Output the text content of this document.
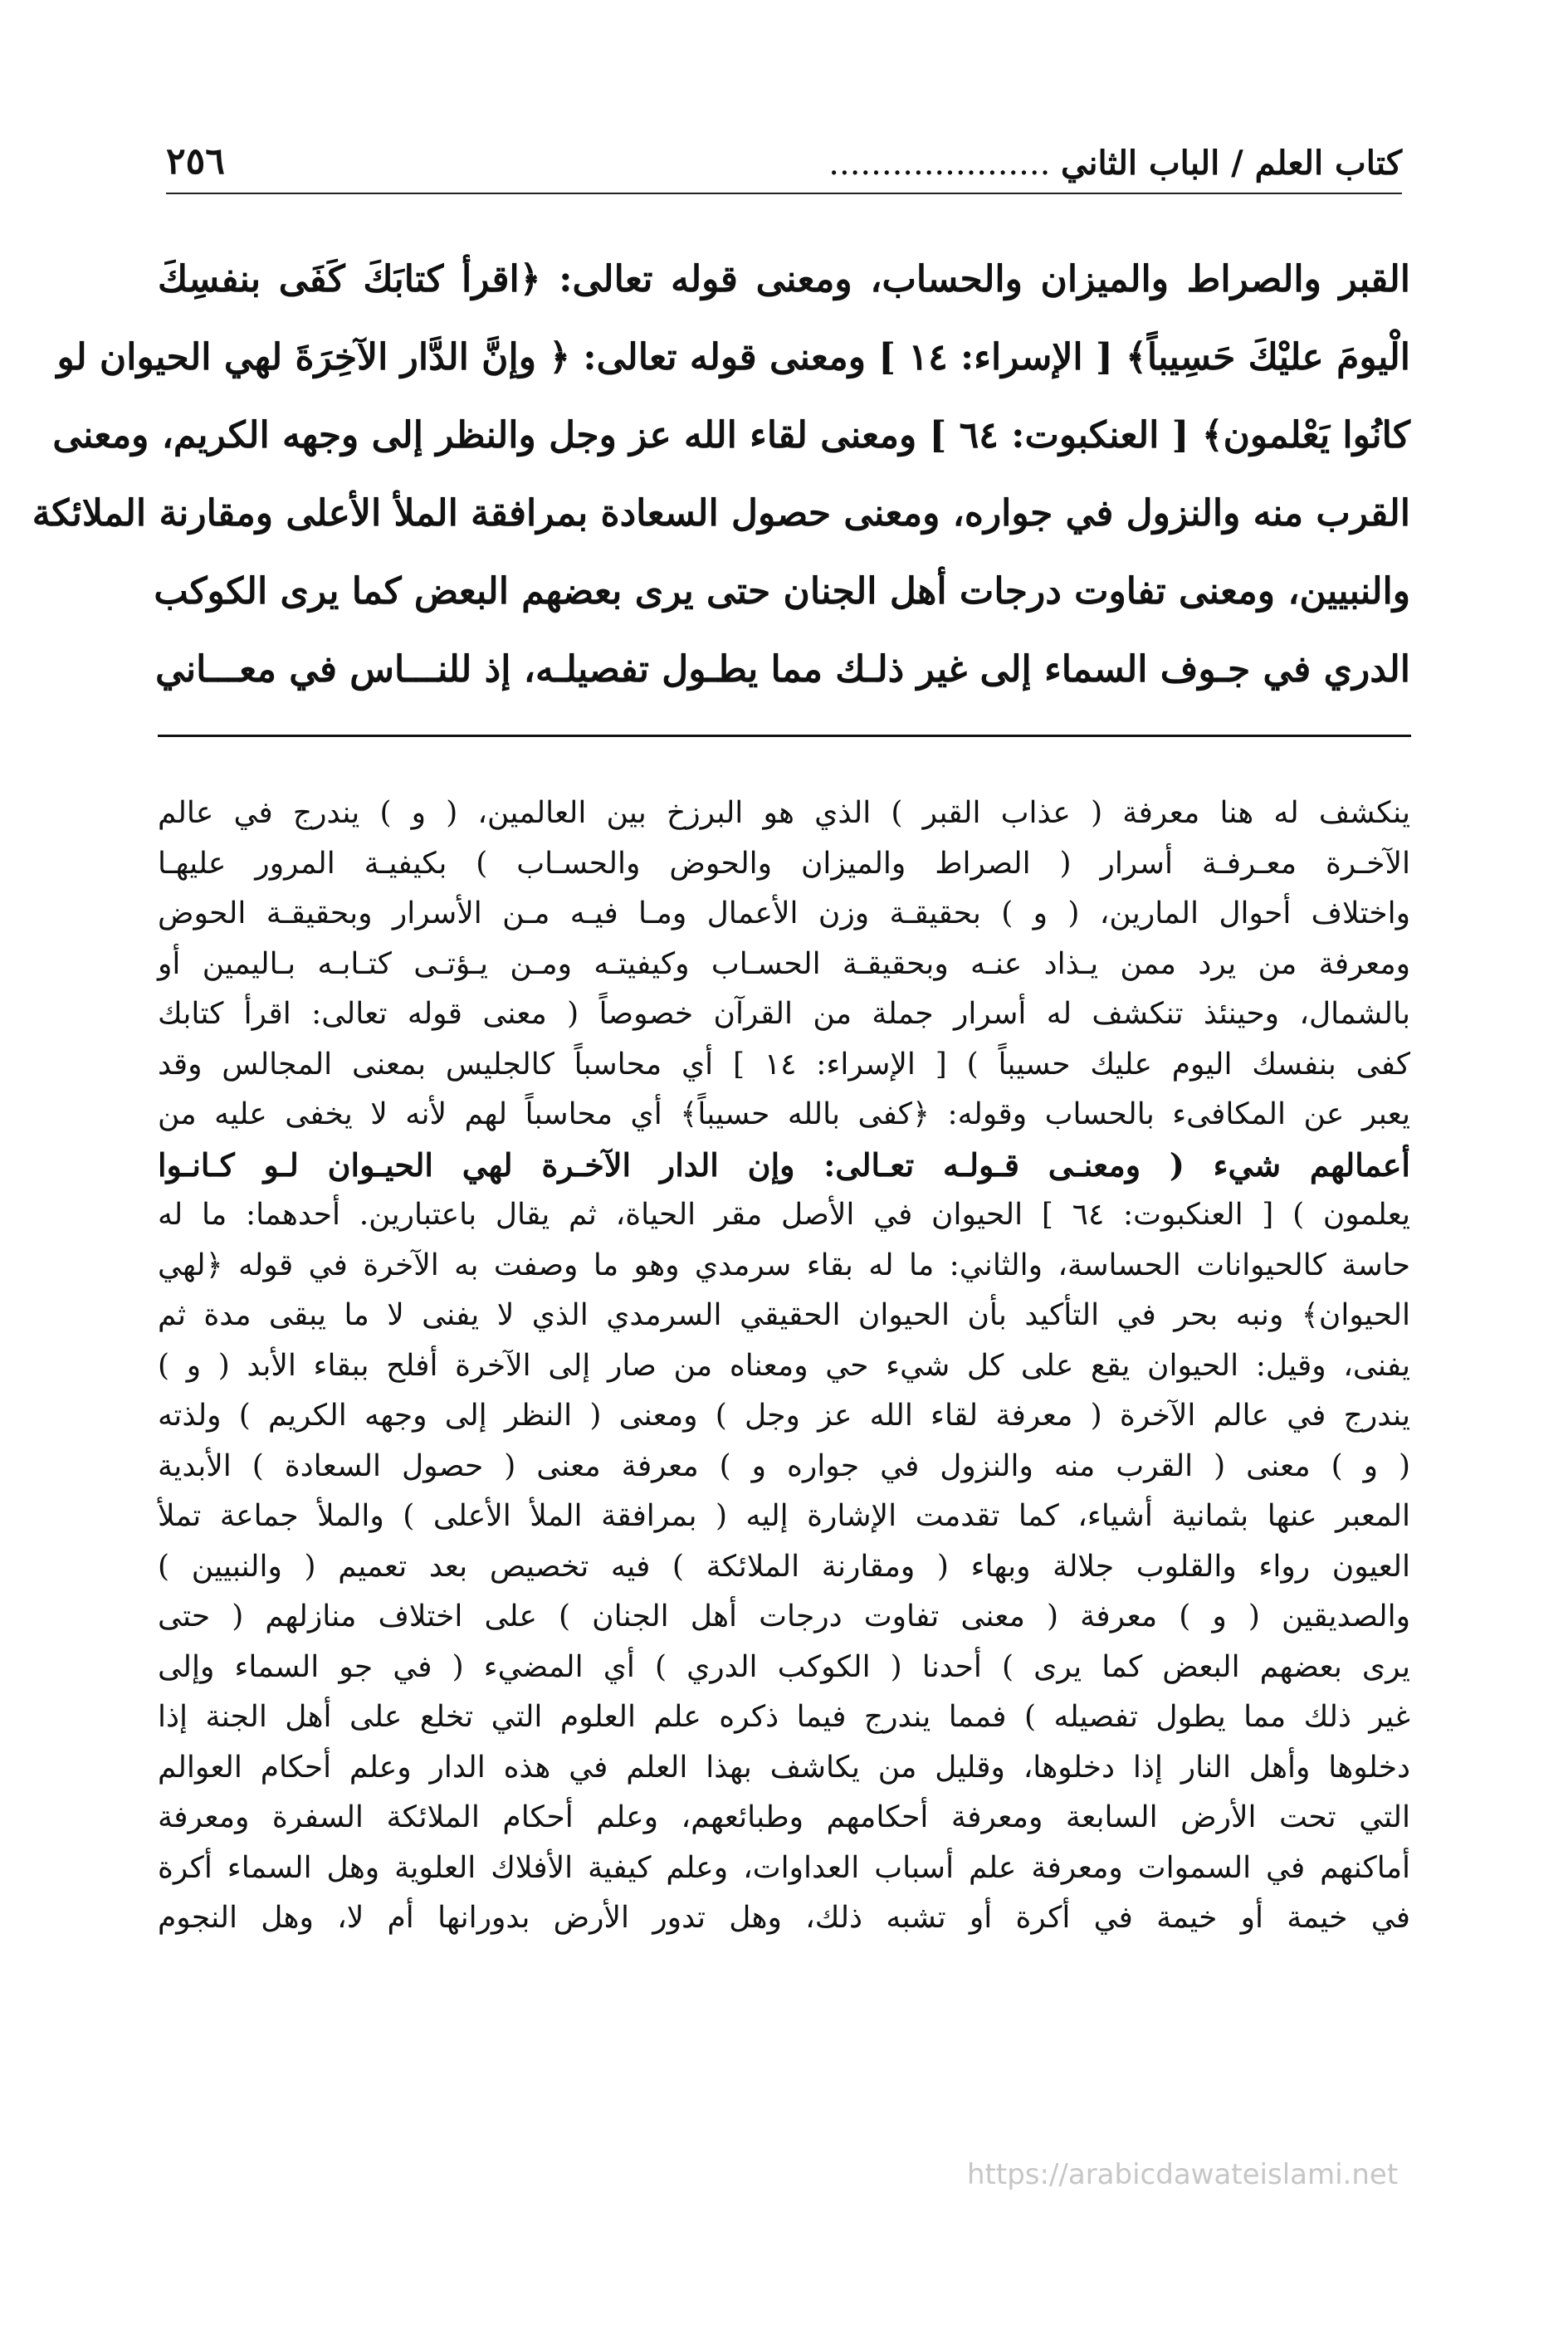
كتاب العلم / الباب الثاني .....
٢٥٦
القبر والصراط والميزان والحساب، ومعنى قوله تعالى: ﴿اقرأ كتابَكَ كَفَى بنفسِكَ
الْيومَ عليْكَ حَسِيباً﴾ [ الإسراء: ١٤ ] ومعنى قوله تعالى: ﴿ وإنَّ الدَّار الآخِرَةَ لهي الحيوان لو
كانُوا يَعْلمون﴾ [ العنكبوت: ٦٤ ] ومعنى لقاء الله عز وجل والنظر إلى وجهه الكريم، ومعنى
القرب منه والنزول في جواره، ومعنى حصول السعادة بمرافقة الملأ الأعلى ومقارنة الملائكة
والنبيين، ومعنى تفاوت درجات أهل الجنان حتى يرى بعضهم البعض كما يرى الكوكب
الدري في جـوف السماء إلى غير ذلـك مما يطـول تفصيلـه، إذ للنـــاس في معـــاني
ينكشف له هنا معرفة ( عذاب القبر ) الذي هو البرزخ بين العالمين، ( و ) يندرج في عالم
الآخـرة معـرفـة أسرار ( الصراط والميزان والحوض والحسـاب ) بكيفيـة المرور عليهـا
واختلاف أحوال المارين، ( و ) بحقيقـة وزن الأعمال ومـا فيـه مـن الأسرار وبحقيقـة الحوض
ومعرفة من يرد ممن يـذاد عنـه وبحقيقـة الحسـاب وكيفيتـه ومـن يـؤتـى كتـابـه بـاليمين أو
بالشمال، وحينئذ تنكشف له أسرار جملة من القرآن خصوصاً ( معنى قوله تعالى: اقرأ كتابك
كفى بنفسك اليوم عليك حسيباً ) [ الإسراء: ١٤ ] أي محاسباً كالجليس بمعنى المجالس وقد
يعبر عن المكافىء بالحساب وقوله: ﴿كفى بالله حسيباً﴾ أي محاسباً لهم لأنه لا يخفى عليه من
أعمالهم شيء ( ومعنـى قـولـه تعـالى: وإن الدار الآخـرة لهي الحيـوان لـو كـانـوا
يعلمون ) [ العنكبوت: ٦٤ ] الحيوان في الأصل مقر الحياة، ثم يقال باعتبارين. أحدهما: ما له
حاسة كالحيوانات الحساسة، والثاني: ما له بقاء سرمدي وهو ما وصفت به الآخرة في قوله ﴿لهي
الحيوان﴾ ونبه بحر في التأكيد بأن الحيوان الحقيقي السرمدي الذي لا يفنى لا ما يبقى مدة ثم
يفنى، وقيل: الحيوان يقع على كل شيء حي ومعناه من صار إلى الآخرة أفلح ببقاء الأبد ( و )
يندرج في عالم الآخرة ( معرفة لقاء الله عز وجل ) ومعنى ( النظر إلى وجهه الكريم ) ولذته
( و ) معنى ( القرب منه والنزول في جواره و ) معرفة معنى ( حصول السعادة ) الأبدية
المعبر عنها بثمانية أشياء، كما تقدمت الإشارة إليه ( بمرافقة الملأ الأعلى ) والملأ جماعة تملأ
العيون رواء والقلوب جلالة وبهاء ( ومقارنة الملائكة ) فيه تخصيص بعد تعميم ( والنبيين )
والصديقين ( و ) معرفة ( معنى تفاوت درجات أهل الجنان ) على اختلاف منازلهم ( حتى
يرى بعضهم البعض كما يرى ) أحدنا ( الكوكب الدري ) أي المضيء ( في جو السماء وإلى
غير ذلك مما يطول تفصيله ) فمما يندرج فيما ذكره علم العلوم التي تخلع على أهل الجنة إذا
دخلوها وأهل النار إذا دخلوها، وقليل من يكاشف بهذا العلم في هذه الدار وعلم أحكام العوالم
التي تحت الأرض السابعة ومعرفة أحكامهم وطبائعهم، وعلم أحكام الملائكة السفرة ومعرفة
أماكنهم في السموات ومعرفة علم أسباب العداوات، وعلم كيفية الأفلاك العلوية وهل السماء أكرة
في خيمة أو خيمة في أكرة أو تشبه ذلك، وهل تدور الأرض بدورانها أم لا، وهل النجوم
https://arabicdawateislami.net
